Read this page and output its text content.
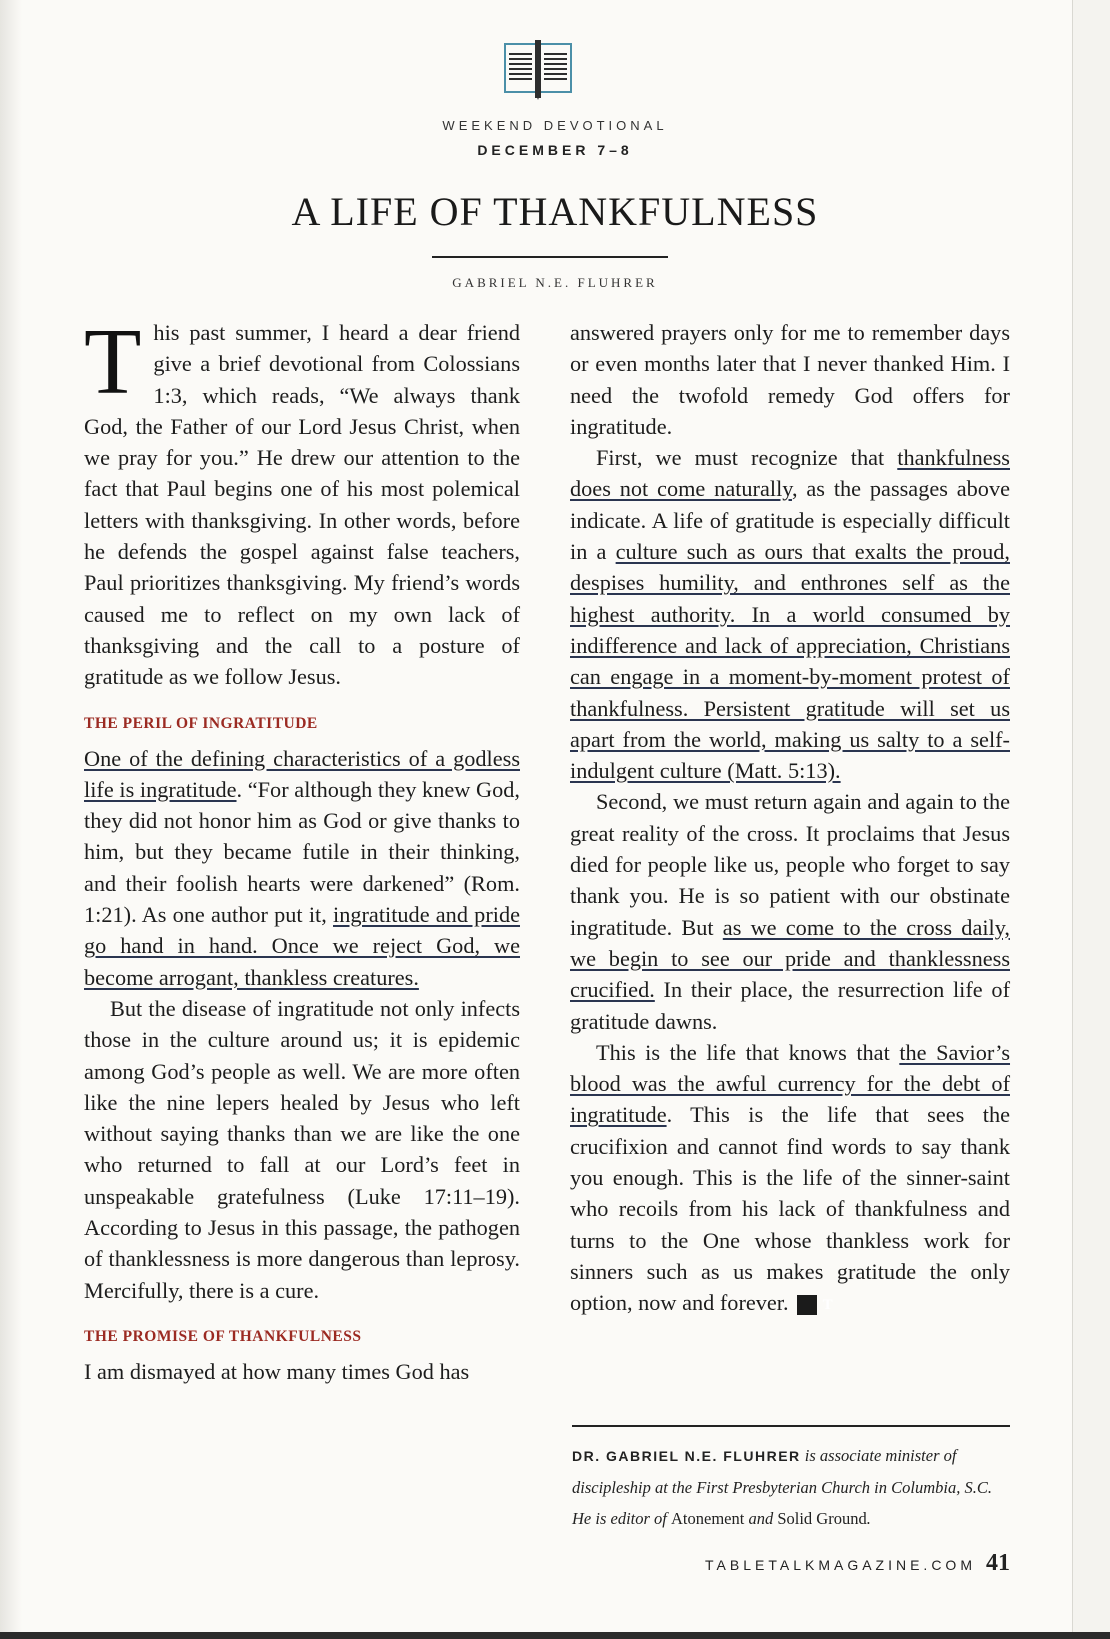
WEEKEND DEVOTIONAL
DECEMBER 7–8
A LIFE OF THANKFULNESS
GABRIEL N.E. FLUHRER

This past summer, I heard a dear friend give a brief devotional from Colossians 1:3, which reads, “We always thank God, the Father of our Lord Jesus Christ, when we pray for you.” He drew our attention to the fact that Paul begins one of his most polemical letters with thanksgiving. In other words, before he defends the gospel against false teachers, Paul prioritizes thanksgiving. My friend’s words caused me to reflect on my own lack of thanksgiving and the call to a posture of gratitude as we follow Jesus.

THE PERIL OF INGRATITUDE

One of the defining characteristics of a godless life is ingratitude. “For although they knew God, they did not honor him as God or give thanks to him, but they became futile in their thinking, and their foolish hearts were darkened” (Rom. 1:21). As one author put it, ingratitude and pride go hand in hand. Once we reject God, we become arrogant, thankless creatures.

But the disease of ingratitude not only infects those in the culture around us; it is epidemic among God’s people as well. We are more often like the nine lepers healed by Jesus who left without saying thanks than we are like the one who returned to fall at our Lord’s feet in unspeakable gratefulness (Luke 17:11–19). According to Jesus in this passage, the pathogen of thanklessness is more dangerous than leprosy. Mercifully, there is a cure.

THE PROMISE OF THANKFULNESS

I am dismayed at how many times God has

answered prayers only for me to remember days or even months later that I never thanked Him. I need the twofold remedy God offers for ingratitude.

First, we must recognize that thankfulness does not come naturally, as the passages above indicate. A life of gratitude is especially difficult in a culture such as ours that exalts the proud, despises humility, and enthrones self as the highest authority. In a world consumed by indifference and lack of appreciation, Christians can engage in a moment-by-moment protest of thankfulness. Persistent gratitude will set us apart from the world, making us salty to a self-indulgent culture (Matt. 5:13).

Second, we must return again and again to the great reality of the cross. It proclaims that Jesus died for people like us, people who forget to say thank you. He is so patient with our obstinate ingratitude. But as we come to the cross daily, we begin to see our pride and thanklessness crucified. In their place, the resurrection life of gratitude dawns.

This is the life that knows that the Savior’s blood was the awful currency for the debt of ingratitude. This is the life that sees the crucifixion and cannot find words to say thank you enough. This is the life of the sinner-saint who recoils from his lack of thankfulness and turns to the One whose thankless work for sinners such as us makes gratitude the only option, now and forever. T

DR. GABRIEL N.E. FLUHRER is associate minister of discipleship at the First Presbyterian Church in Columbia, S.C. He is editor of Atonement and Solid Ground.
TABLETALKMAGAZINE.COM 41
